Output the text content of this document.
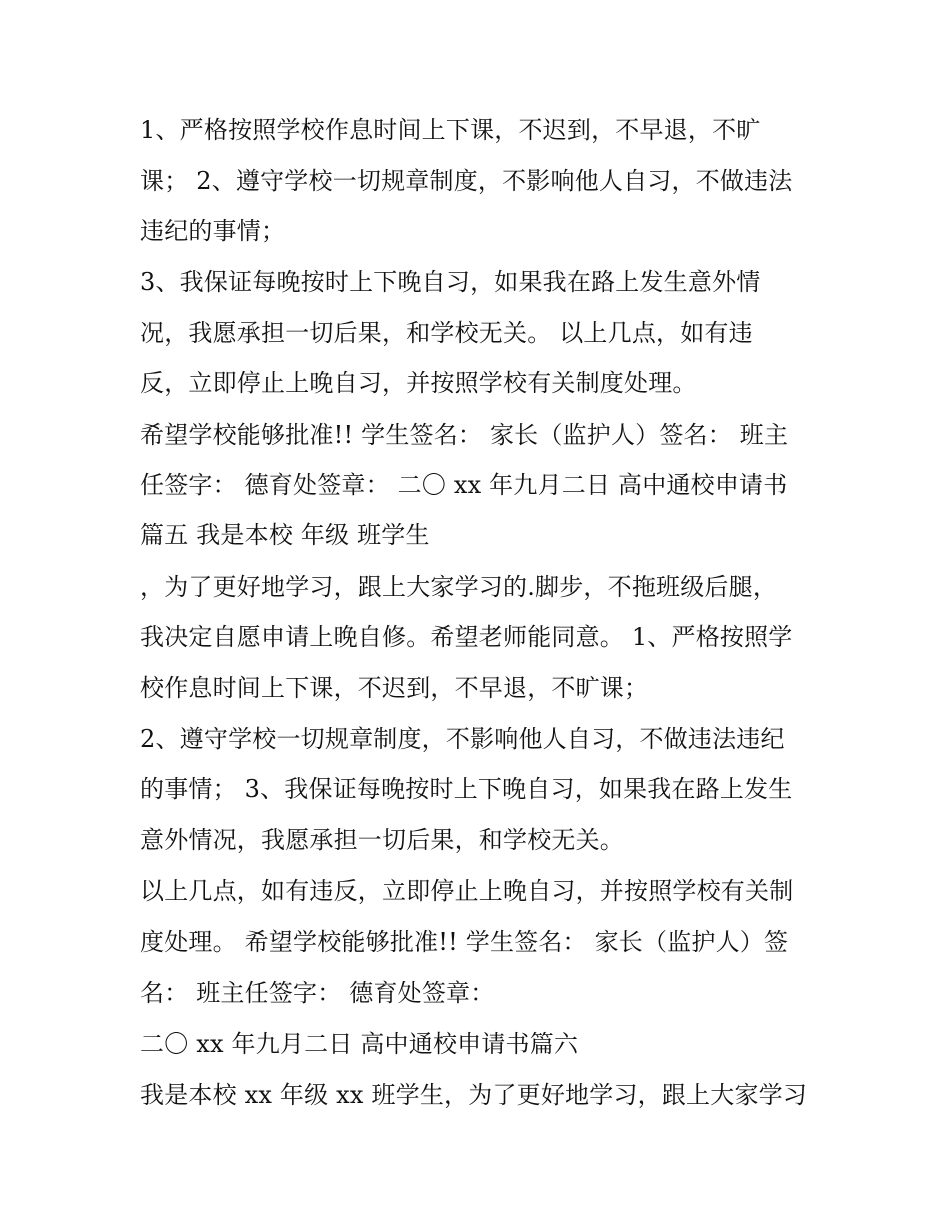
1、严格按照学校作息时间上下课，不迟到，不早退，不旷
课； 2、遵守学校一切规章制度，不影响他人自习，不做违法
违纪的事情；
3、我保证每晚按时上下晚自习，如果我在路上发生意外情
况，我愿承担一切后果，和学校无关。 以上几点，如有违
反，立即停止上晚自习，并按照学校有关制度处理。
希望学校能够批准!! 学生签名： 家长（监护人）签名： 班主
任签字： 德育处签章： 二〇 xx 年九月二日 高中通校申请书
篇五 我是本校 年级 班学生
，为了更好地学习，跟上大家学习的.脚步，不拖班级后腿，
我决定自愿申请上晚自修。希望老师能同意。 1、严格按照学
校作息时间上下课，不迟到，不早退，不旷课；
2、遵守学校一切规章制度，不影响他人自习，不做违法违纪
的事情； 3、我保证每晚按时上下晚自习，如果我在路上发生
意外情况，我愿承担一切后果，和学校无关。
以上几点，如有违反，立即停止上晚自习，并按照学校有关制
度处理。 希望学校能够批准!! 学生签名： 家长（监护人）签
名： 班主任签字： 德育处签章：
二〇 xx 年九月二日 高中通校申请书篇六
我是本校 xx 年级 xx 班学生，为了更好地学习，跟上大家学习
